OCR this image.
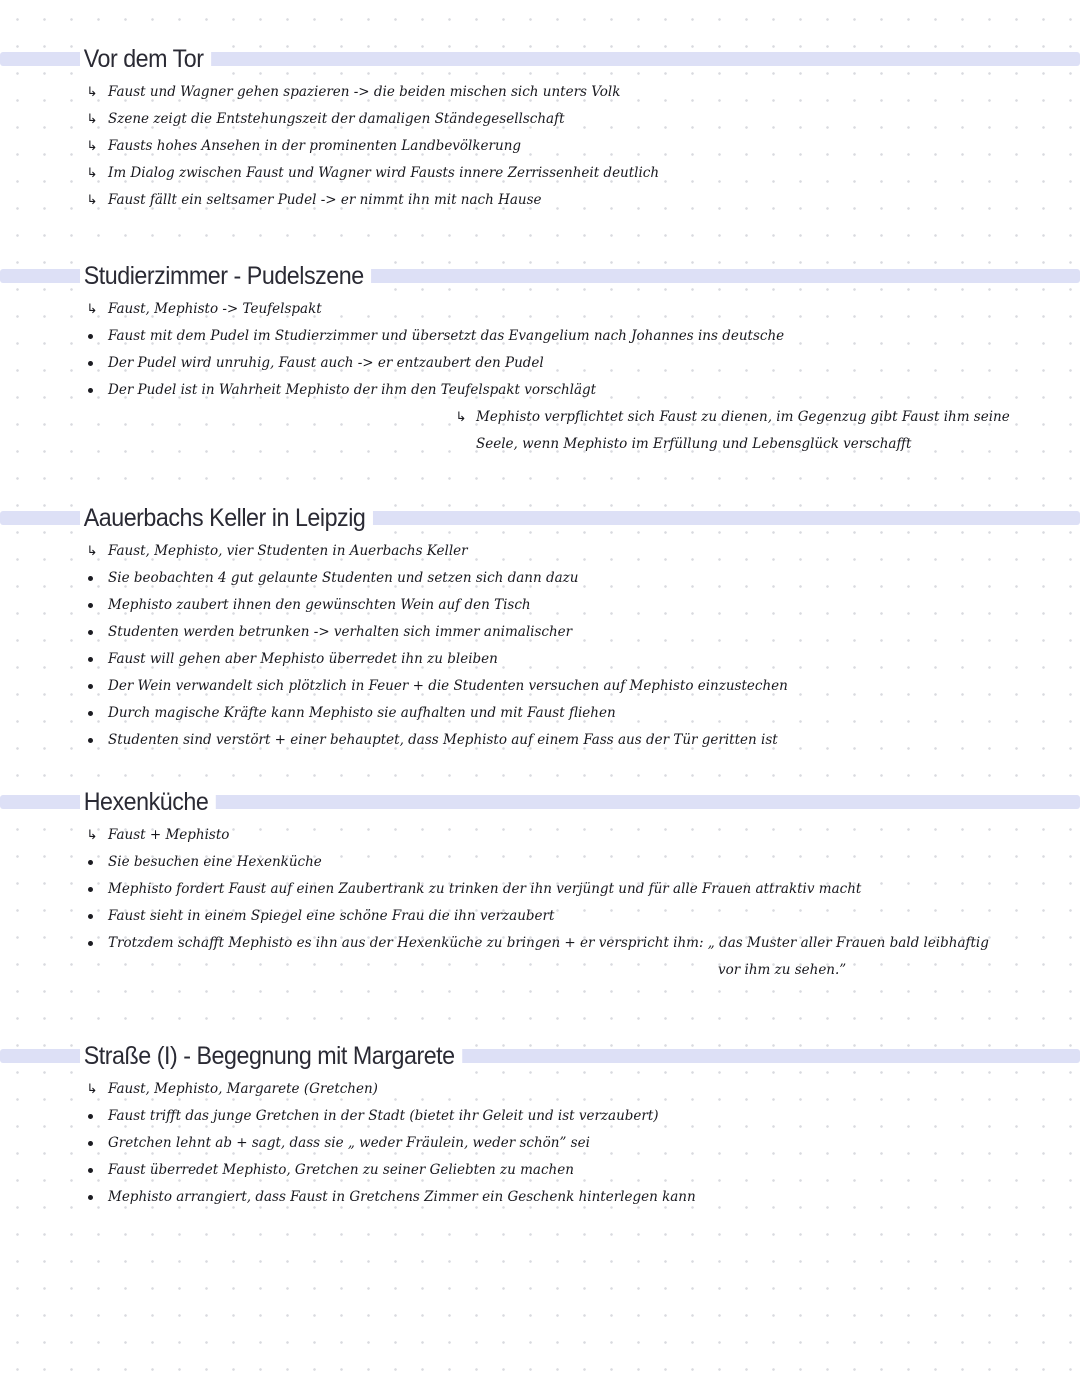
Vor dem Tor
↳ Faust und Wagner gehen spazieren -> die beiden mischen sich unters Volk
↳ Szene zeigt die Entstehungszeit der damaligen Ständegesellschaft
↳ Fausts hohes Ansehen in der prominenten Landbevölkerung
↳ Im Dialog zwischen Faust und Wagner wird Fausts innere Zerrissenheit deutlich
↳ Faust fällt ein seltsamer Pudel -> er nimmt ihn mit nach Hause
Studierzimmer - Pudelszene
↳ Faust, Mephisto -> Teufelspakt
Faust mit dem Pudel im Studierzimmer und übersetzt das Evangelium nach Johannes ins deutsche
Der Pudel wird unruhig, Faust auch -> er entzaubert den Pudel
Der Pudel ist in Wahrheit Mephisto der ihm den Teufelspakt vorschlägt
↳ Mephisto verpflichtet sich Faust zu dienen, im Gegenzug gibt Faust ihm seine
Seele, wenn Mephisto im Erfüllung und Lebensglück verschafft
Aauerbachs Keller in Leipzig
↳ Faust, Mephisto, vier Studenten in Auerbachs Keller
Sie beobachten 4 gut gelaunte Studenten und setzen sich dann dazu
Mephisto zaubert ihnen den gewünschten Wein auf den Tisch
Studenten werden betrunken -> verhalten sich immer animalischer
Faust will gehen aber Mephisto überredet ihn zu bleiben
Der Wein verwandelt sich plötzlich in Feuer + die Studenten versuchen auf Mephisto einzustechen
Durch magische Kräfte kann Mephisto sie aufhalten und mit Faust fliehen
Studenten sind verstört + einer behauptet, dass Mephisto auf einem Fass aus der Tür geritten ist
Hexenküche
↳ Faust + Mephisto
Sie besuchen eine Hexenküche
Mephisto fordert Faust auf einen Zaubertrank zu trinken der ihn verjüngt und für alle Frauen attraktiv macht
Faust sieht in einem Spiegel eine schöne Frau die ihn verzaubert
Trotzdem schafft Mephisto es ihn aus der Hexenküche zu bringen + er verspricht ihm: „ das Muster aller Frauen bald leibhaftig
vor ihm zu sehen.”
Straße (I) - Begegnung mit Margarete
↳ Faust, Mephisto, Margarete (Gretchen)
Faust trifft das junge Gretchen in der Stadt (bietet ihr Geleit und ist verzaubert)
Gretchen lehnt ab + sagt, dass sie „ weder Fräulein, weder schön” sei
Faust überredet Mephisto, Gretchen zu seiner Geliebten zu machen
Mephisto arrangiert, dass Faust in Gretchens Zimmer ein Geschenk hinterlegen kann
